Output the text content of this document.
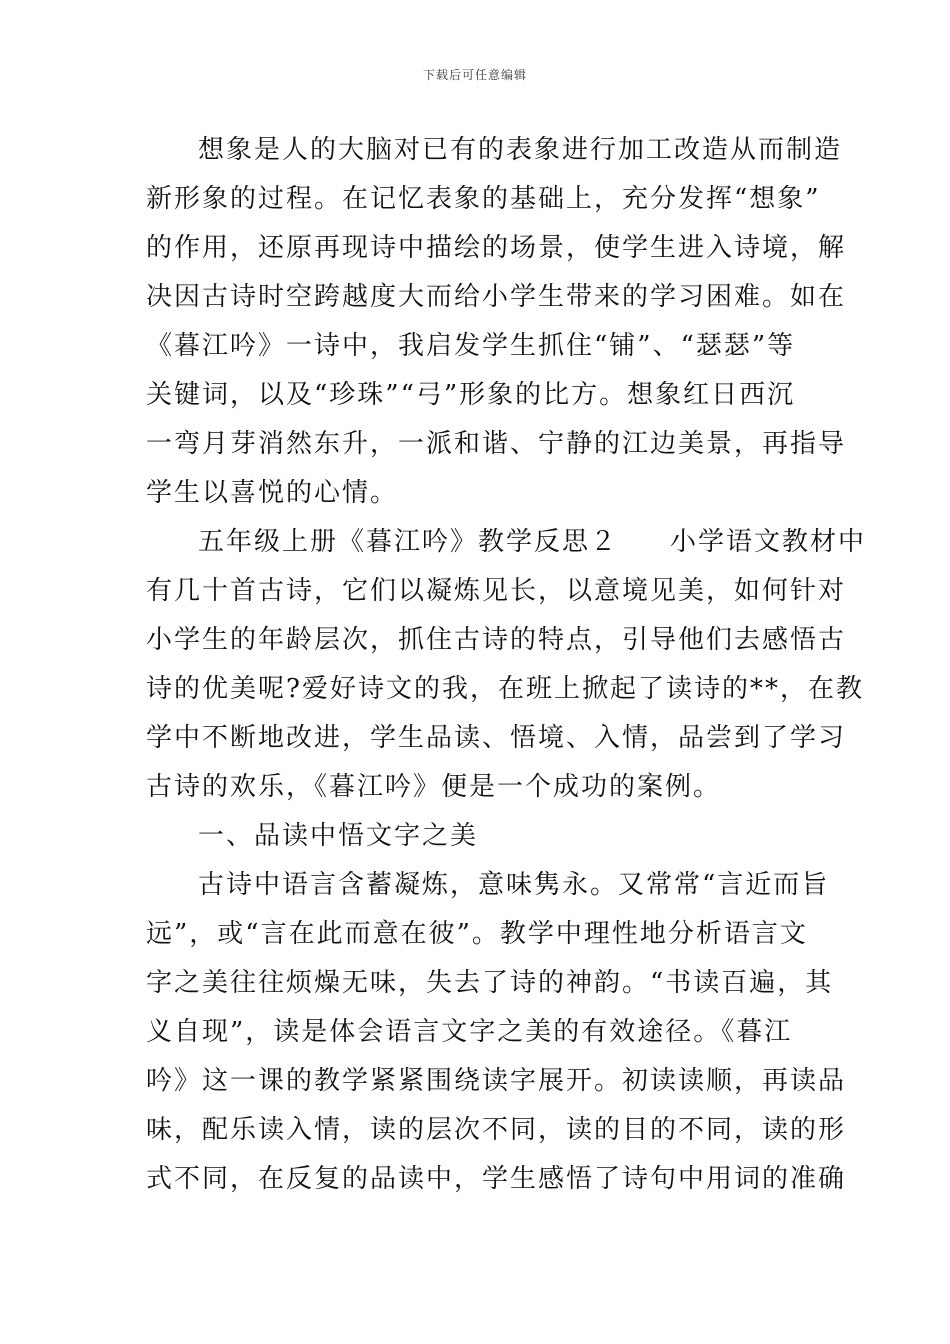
下载后可任意编辑
想象是人的大脑对已有的表象进行加工改造从而制造
新形象的过程。在记忆表象的基础上，充分发挥“想象”
的作用，还原再现诗中描绘的场景，使学生进入诗境，解
决因古诗时空跨越度大而给小学生带来的学习困难。如在
《暮江吟》一诗中，我启发学生抓住“铺”、“瑟瑟”等
关键词，以及“珍珠”“弓”形象的比方。想象红日西沉
一弯月芽消然东升，一派和谐、宁静的江边美景，再指导
学生以喜悦的心情。
五年级上册《暮江吟》教学反思２ 小学语文教材中
有几十首古诗，它们以凝炼见长，以意境见美，如何针对
小学生的年龄层次，抓住古诗的特点，引导他们去感悟古
诗的优美呢?爱好诗文的我，在班上掀起了读诗的**，在教
学中不断地改进，学生品读、悟境、入情，品尝到了学习
古诗的欢乐，《暮江吟》便是一个成功的案例。
一、品读中悟文字之美
古诗中语言含蓄凝炼，意味隽永。又常常“言近而旨
远”，或“言在此而意在彼”。教学中理性地分析语言文
字之美往往烦燥无味，失去了诗的神韵。“书读百遍，其
义自现”，读是体会语言文字之美的有效途径。《暮江
吟》这一课的教学紧紧围绕读字展开。初读读顺，再读品
味，配乐读入情，读的层次不同，读的目的不同，读的形
式不同，在反复的品读中，学生感悟了诗句中用词的准确
